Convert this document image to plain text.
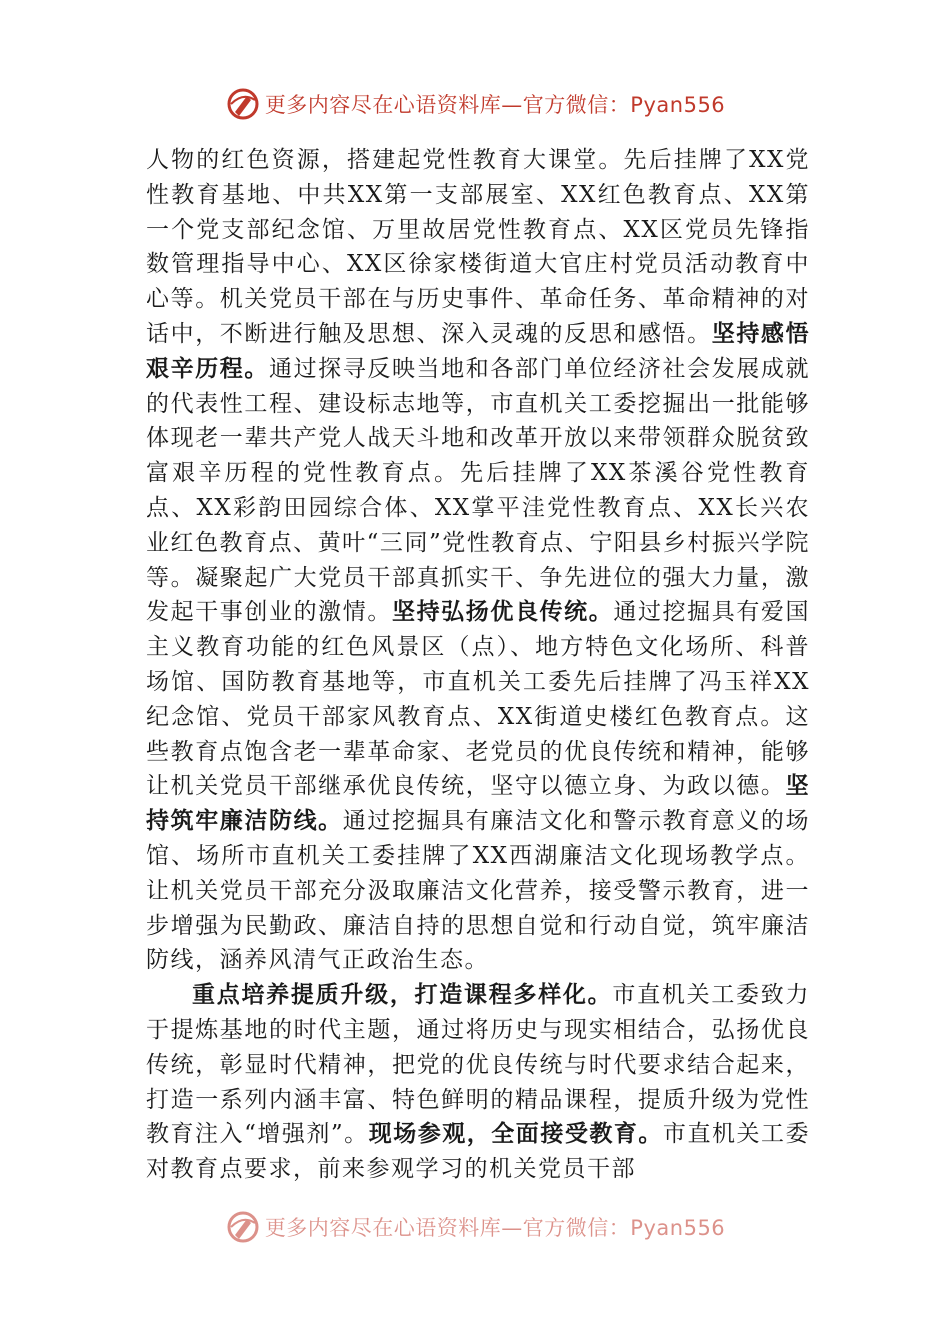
更多内容尽在心语资料库—官方微信：Pyan556

人物的红色资源，搭建起党性教育大课堂。先后挂牌了XX党性教育基地、中共XX第一支部展室、XX红色教育点、XX第一个党支部纪念馆、万里故居党性教育点、XX区党员先锋指数管理指导中心、XX区徐家楼街道大官庄村党员活动教育中心等。机关党员干部在与历史事件、革命任务、革命精神的对话中，不断进行触及思想、深入灵魂的反思和感悟。坚持感悟艰辛历程。通过探寻反映当地和各部门单位经济社会发展成就的代表性工程、建设标志地等，市直机关工委挖掘出一批能够体现老一辈共产党人战天斗地和改革开放以来带领群众脱贫致富艰辛历程的党性教育点。先后挂牌了XX茶溪谷党性教育点、XX彩韵田园综合体、XX掌平洼党性教育点、XX长兴农业红色教育点、黄叶“三同”党性教育点、宁阳县乡村振兴学院等。凝聚起广大党员干部真抓实干、争先进位的强大力量，激发起干事创业的激情。坚持弘扬优良传统。通过挖掘具有爱国主义教育功能的红色风景区（点）、地方特色文化场所、科普场馆、国防教育基地等，市直机关工委先后挂牌了冯玉祥XX纪念馆、党员干部家风教育点、XX街道史楼红色教育点。这些教育点饱含老一辈革命家、老党员的优良传统和精神，能够让机关党员干部继承优良传统，坚守以德立身、为政以德。坚持筑牢廉洁防线。通过挖掘具有廉洁文化和警示教育意义的场馆、场所市直机关工委挂牌了XX西湖廉洁文化现场教学点。让机关党员干部充分汲取廉洁文化营养，接受警示教育，进一步增强为民勤政、廉洁自持的思想自觉和行动自觉，筑牢廉洁防线，涵养风清气正政治生态。

重点培养提质升级，打造课程多样化。市直机关工委致力于提炼基地的时代主题，通过将历史与现实相结合，弘扬优良传统，彰显时代精神，把党的优良传统与时代要求结合起来，打造一系列内涵丰富、特色鲜明的精品课程，提质升级为党性教育注入“增强剂”。现场参观，全面接受教育。市直机关工委对教育点要求，前来参观学习的机关党员干部

更多内容尽在心语资料库—官方微信：Pyan556
